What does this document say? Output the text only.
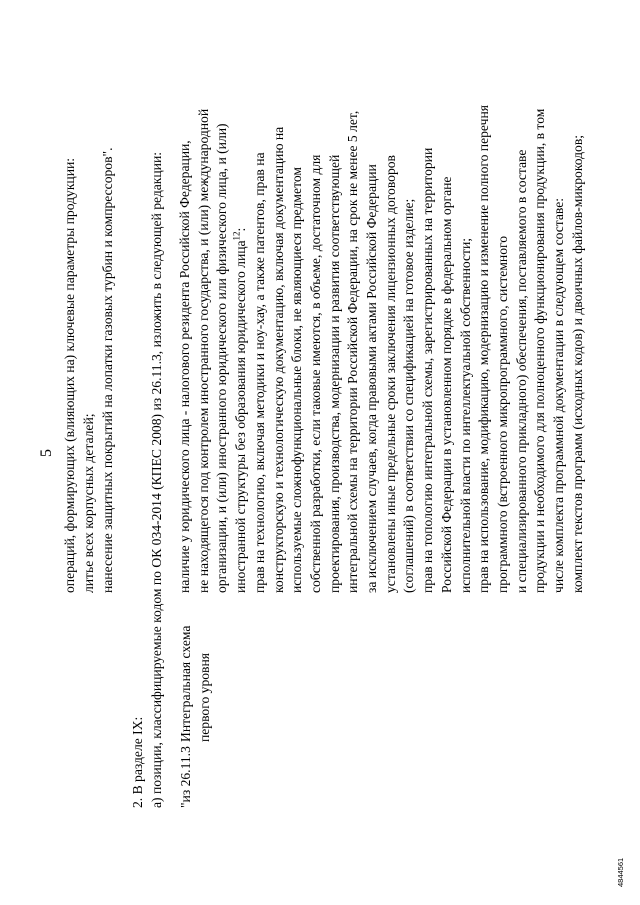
5 операций, формирующих (влияющих на) ключевые параметры продукции: литье всех корпусных деталей; нанесение защитных покрытий на лопатки газовых турбин и компрессоров".
2. В разделе IX: а) позиции, классифицируемые кодом по ОК 034-2014 (КПЕС 2008) из 26.11.3, изложить в следующей редакции: "из 26.11.3
Интегральная схема первого уровня
наличие у юридического лица - налогового резидента Российской Федерации, не находящегося под контролем иностранного государства, и (или) международной организации, и (или) иностранного юридического или физического лица, и (или) иностранной структуры без образования юридического лица$^{12}$: прав на технологию, включая методики и ноу-хау, а также патентов, прав на конструкторскую и технологическую документацию, включая документацию на используемые сложнофункциональные блоки, не являющиеся предметом собственной разработки, если таковые имеются, в объеме, достаточном для проектирования, производства, модернизации и развития соответствующей интегральной схемы на территории Российской Федерации, на срок не менее 5 лет, за исключением случаев, когда правовыми актами Российской Федерации установлены иные предельные сроки заключения лицензионных договоров (соглашений) в соответствии со спецификацией на готовое изделие; прав на топологию интегральной схемы, зарегистрированных на территории Российской Федерации в установленном порядке в федеральном органе исполнительной власти по интеллектуальной собственности; прав на использование, модификацию, модернизацию и изменение полного перечня программного (встроенного микропрограммного, системного и специализированного прикладного) обеспечения, поставляемого в составе продукции и необходимого для полноценного функционирования продукции, в том числе комплекта программной документации в следующем составе: комплект текстов программ (исходных кодов) и двоичных файлов-микрокодов;
4844561
